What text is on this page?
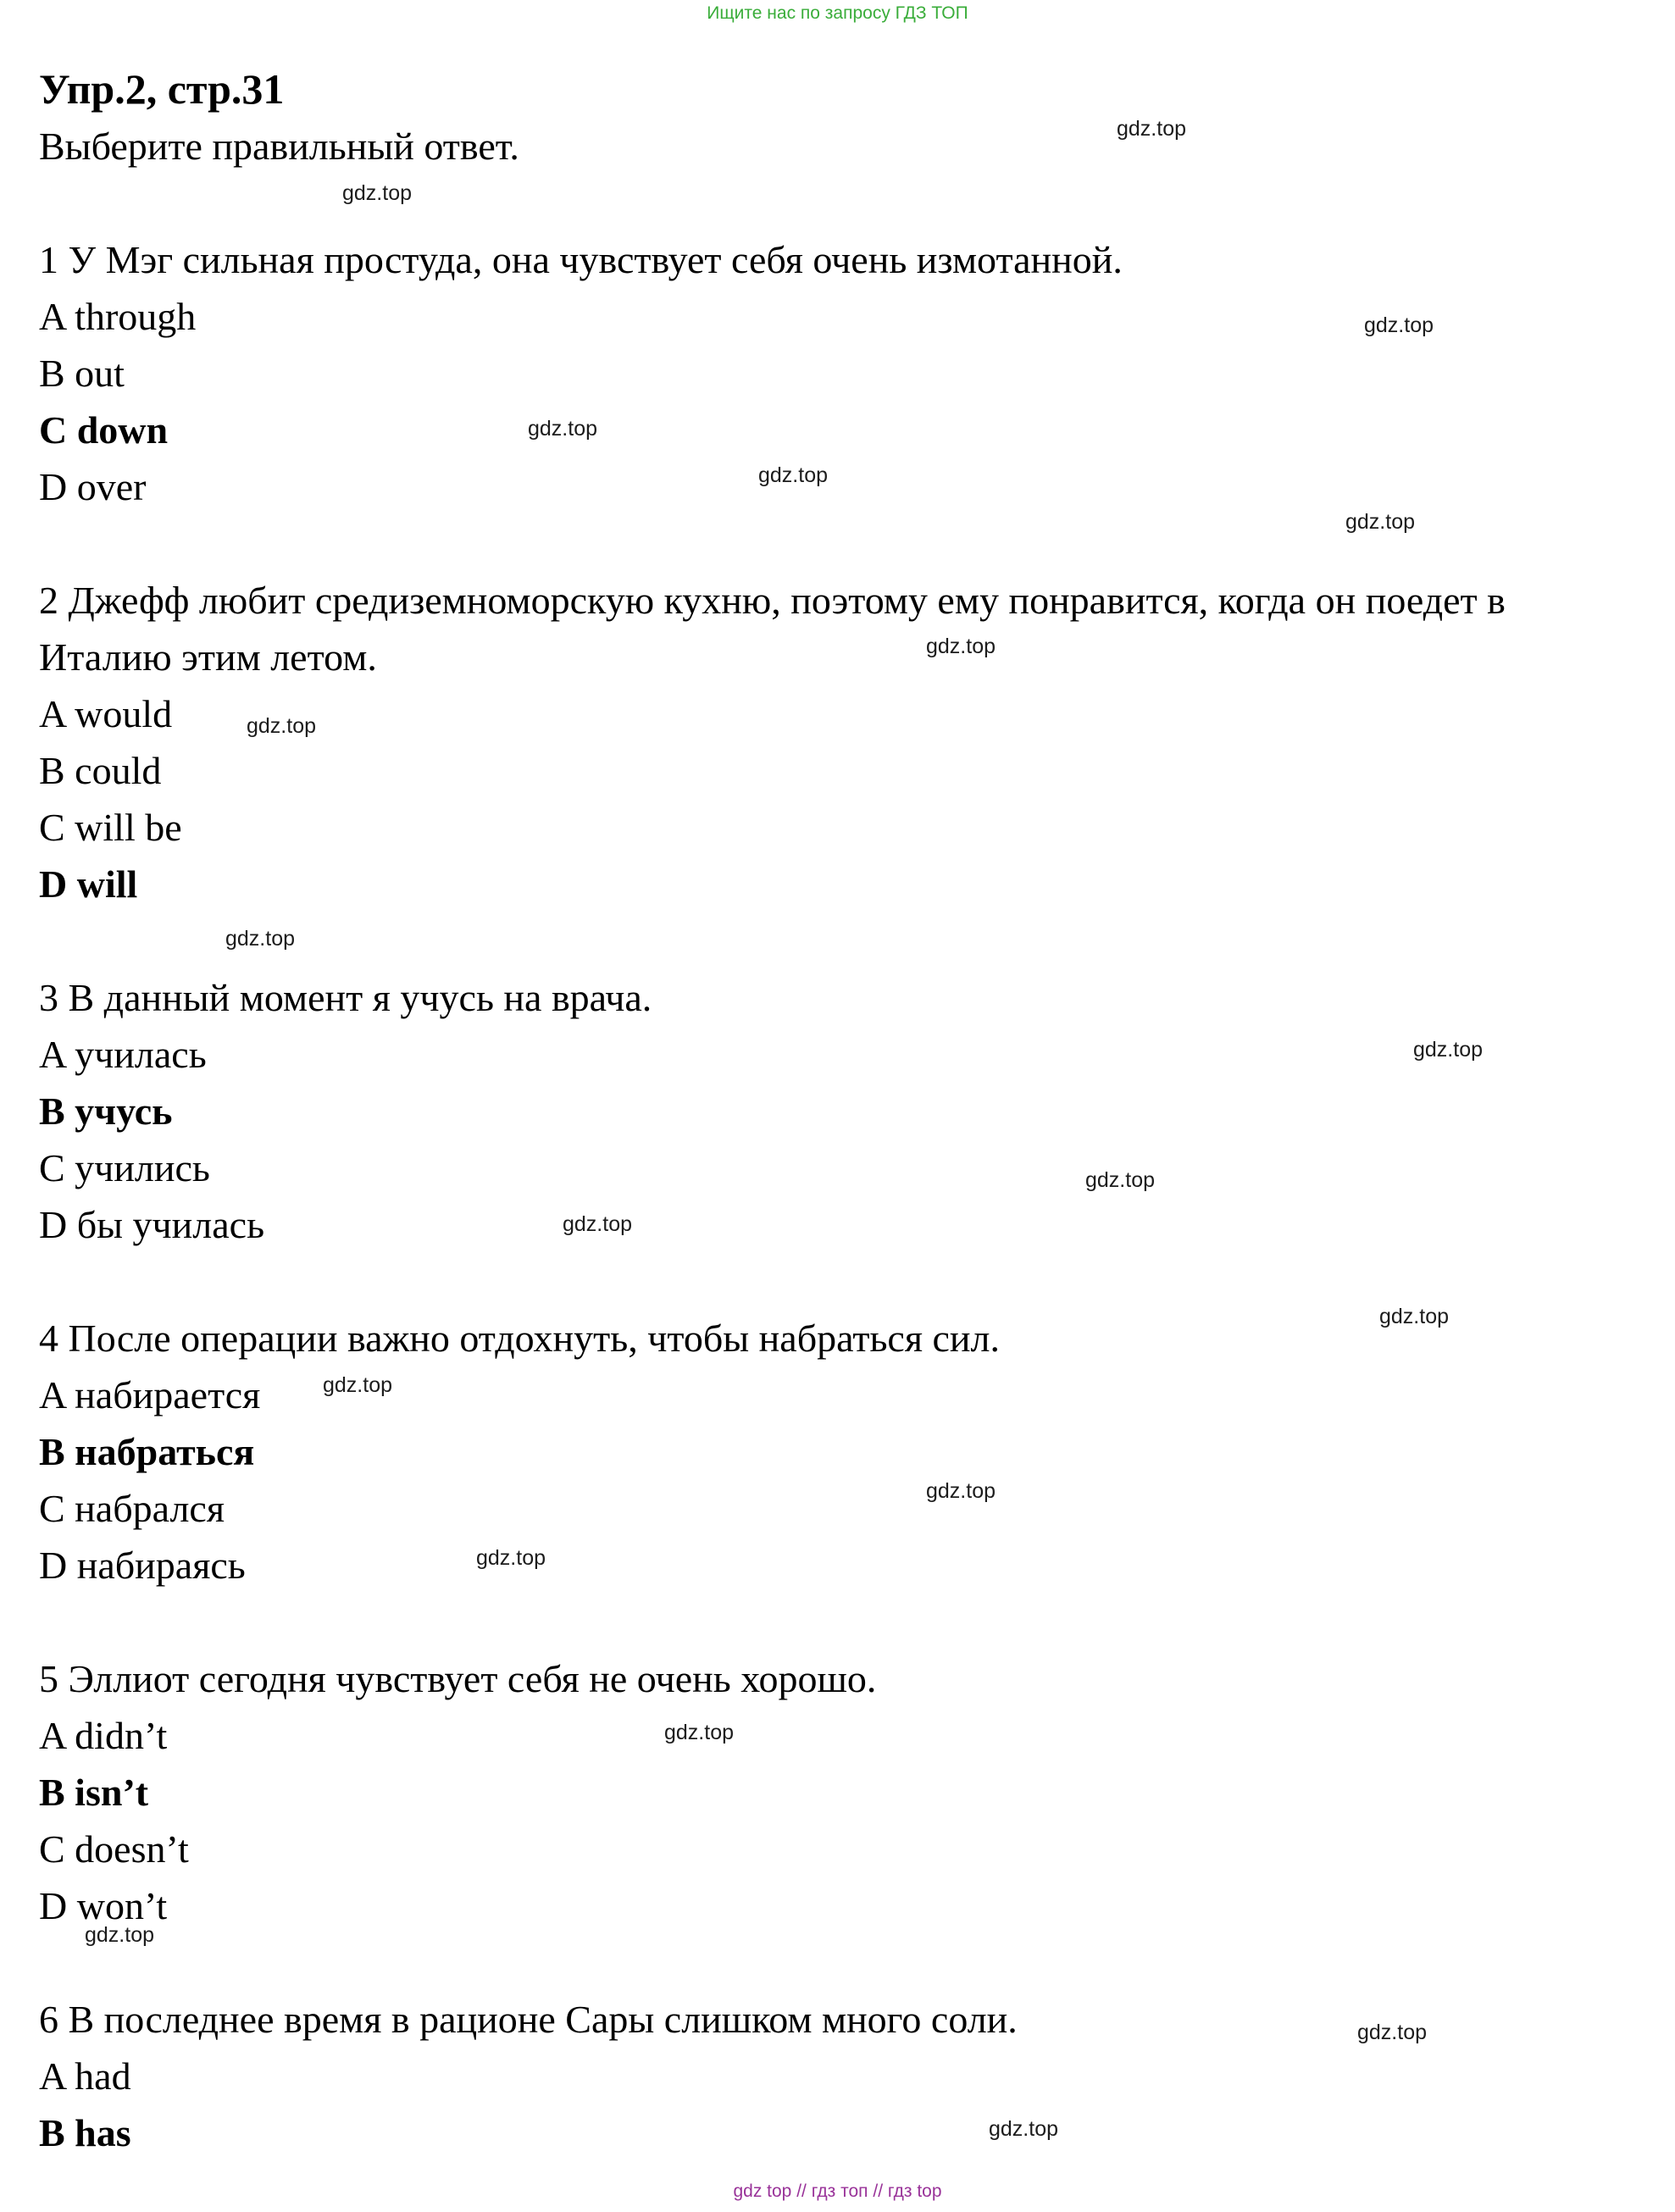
Ищите нас по запросу ГДЗ ТОП
Упр.2, стр.31

Выберите правильный ответ.

1 У Мэг сильная простуда, она чувствует себя очень измотанной.

A through

B out

C down

D over

2 Джефф любит средиземноморскую кухню, поэтому ему понравится, когда он поедет в Италию этим летом.

A would

B could

C will be

D will

3 В данный момент я учусь на врача.

A училась

B учусь

C учились

D бы училась

4 После операции важно отдохнуть, чтобы набраться сил.

A набирается

B набраться

C набрался

D набираясь

5 Эллиот сегодня чувствует себя не очень хорошо.

A didn’t

B isn’t

C doesn’t

D won’t

6 В последнее время в рационе Сары слишком много соли.

A had

B has

gdz.top
gdz.top
gdz.top
gdz.top
gdz.top
gdz.top
gdz.top
gdz.top
gdz.top
gdz.top
gdz.top
gdz.top
gdz.top
gdz.top
gdz.top
gdz.top
gdz.top
gdz.top
gdz.top
gdz.top
gdz top // гдз топ // гдз top
